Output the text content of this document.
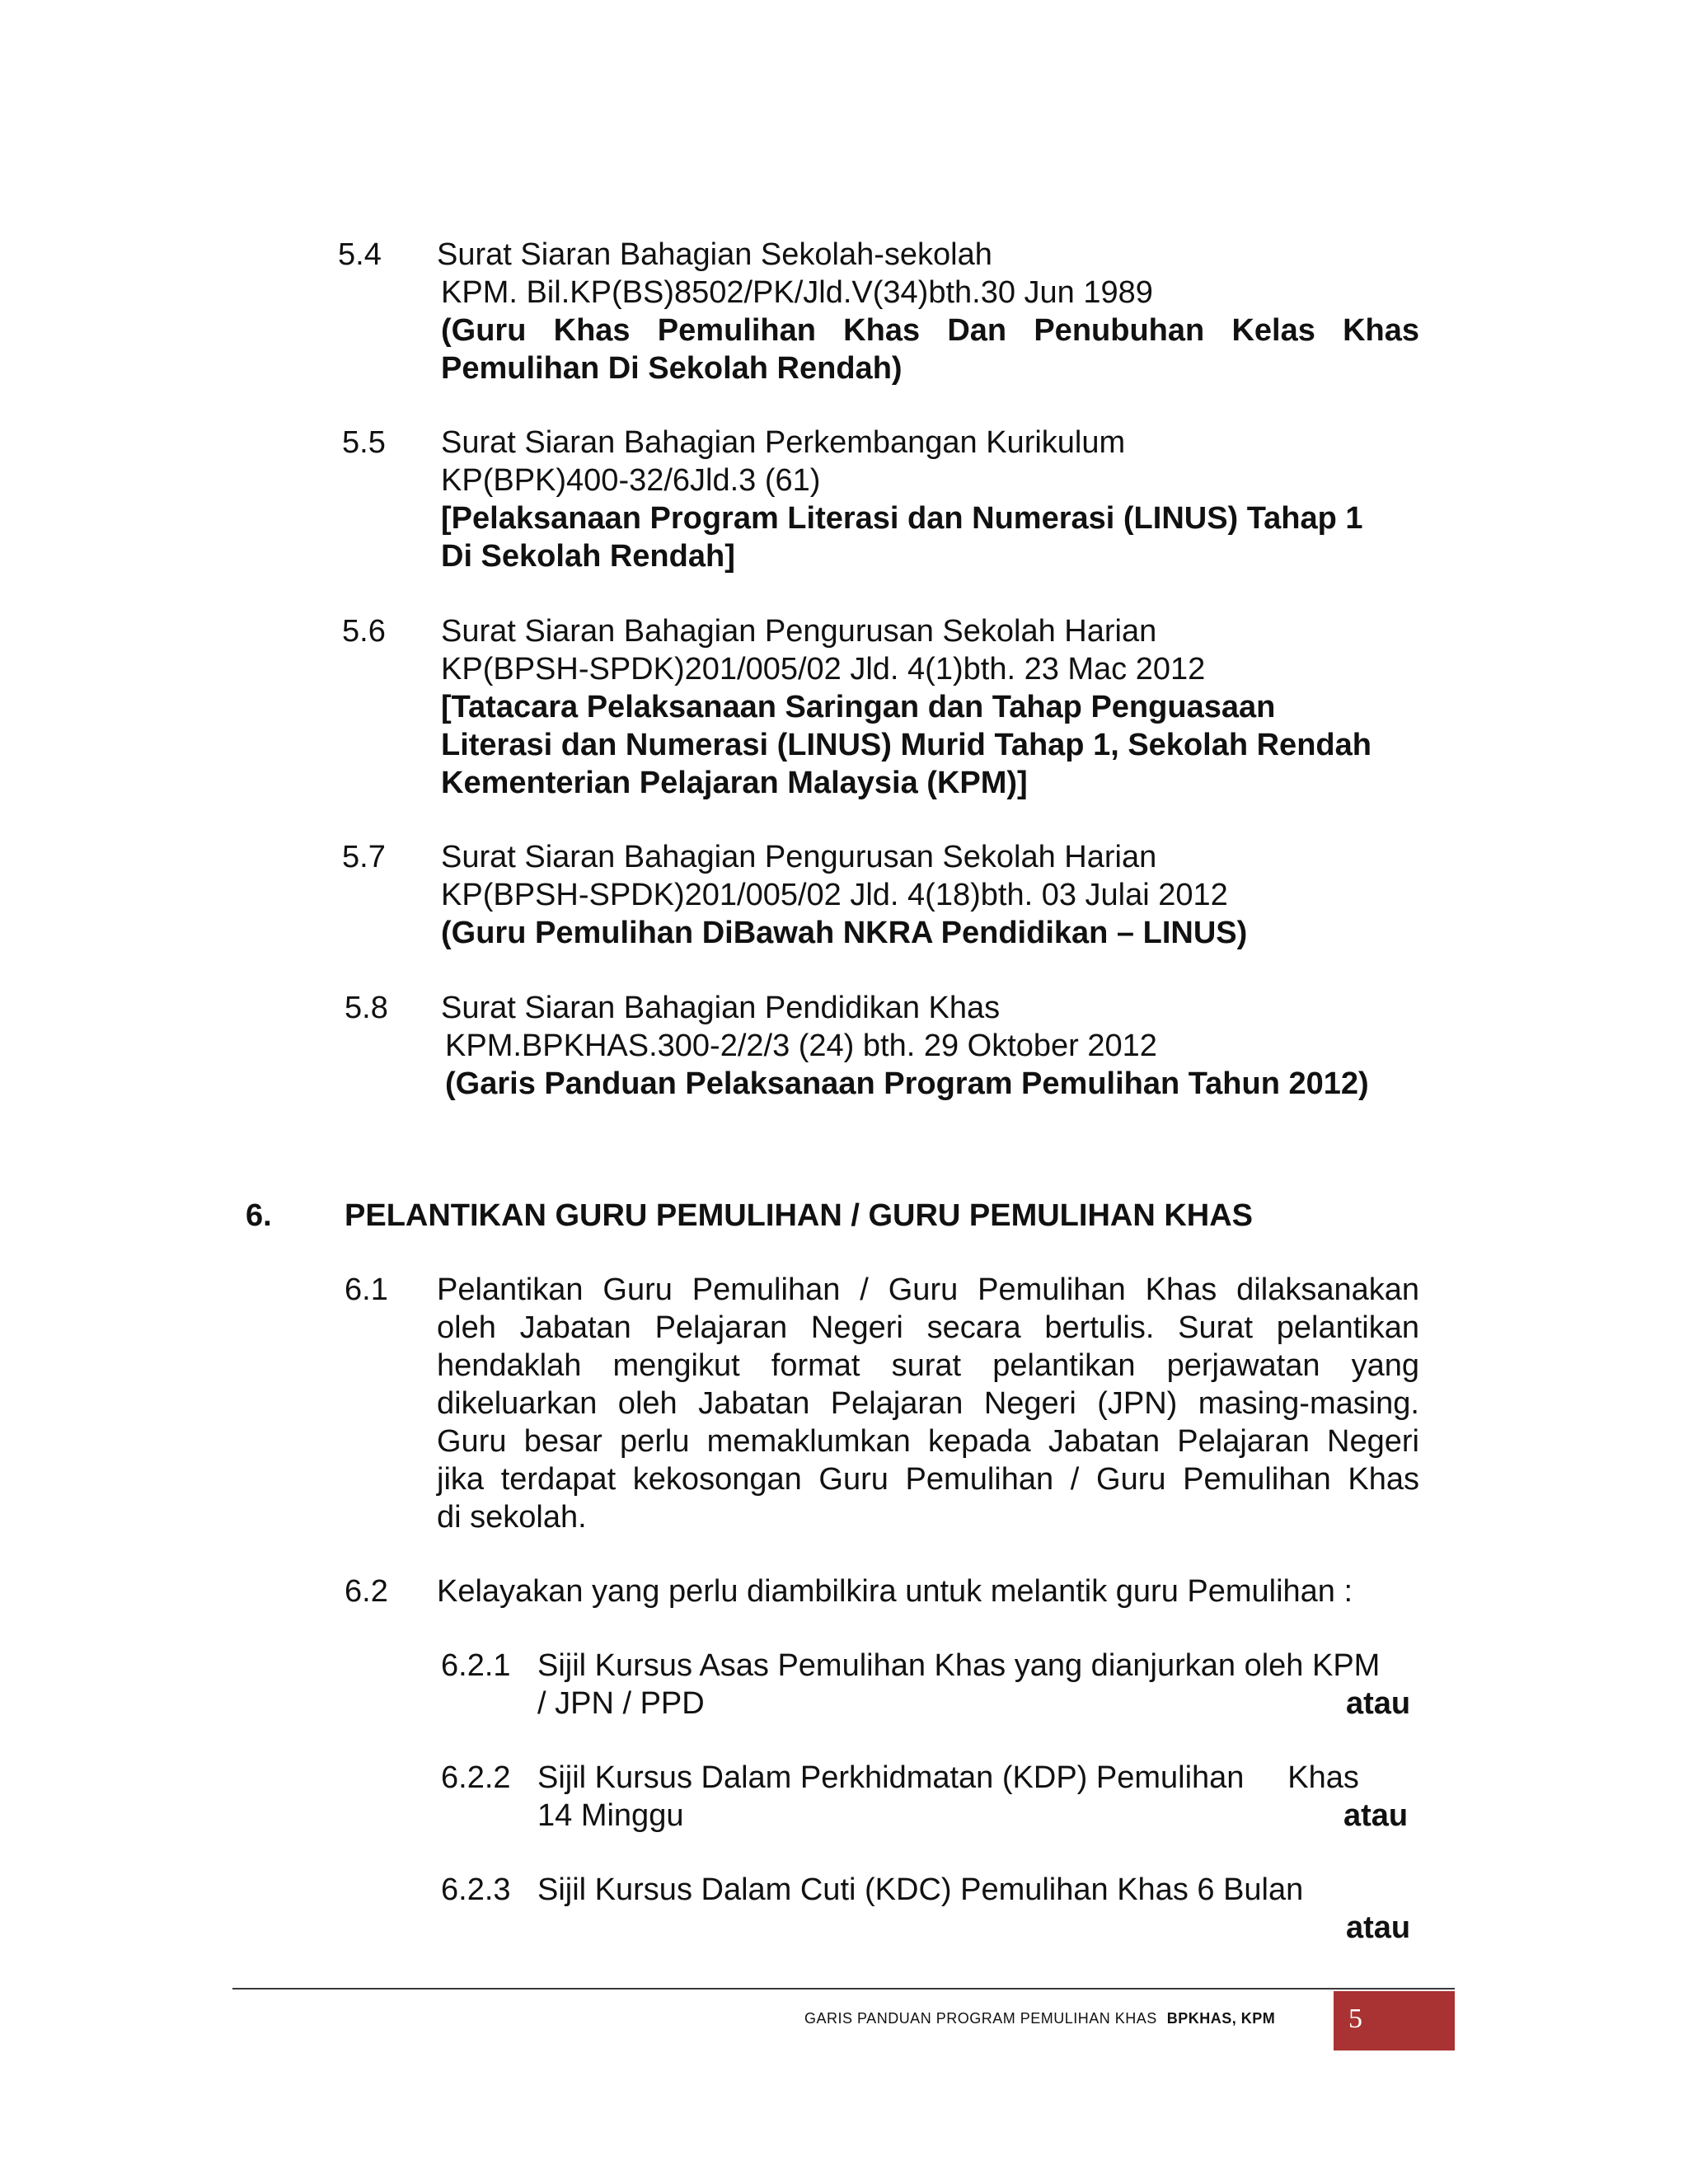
5.4 Surat Siaran Bahagian Sekolah-sekolah
KPM. Bil.KP(BS)8502/PK/Jld.V(34)bth.30 Jun 1989
(Guru Khas Pemulihan Khas Dan Penubuhan Kelas Khas
Pemulihan Di Sekolah Rendah)
5.5 Surat Siaran Bahagian Perkembangan Kurikulum
KP(BPK)400-32/6Jld.3 (61)
[Pelaksanaan Program Literasi dan Numerasi (LINUS) Tahap 1
Di Sekolah Rendah]
5.6 Surat Siaran Bahagian Pengurusan Sekolah Harian
KP(BPSH-SPDK)201/005/02 Jld. 4(1)bth. 23 Mac 2012
[Tatacara Pelaksanaan Saringan dan Tahap Penguasaan
Literasi dan Numerasi (LINUS) Murid Tahap 1, Sekolah Rendah
Kementerian Pelajaran Malaysia (KPM)]
5.7 Surat Siaran Bahagian Pengurusan Sekolah Harian
KP(BPSH-SPDK)201/005/02 Jld. 4(18)bth. 03 Julai 2012
(Guru Pemulihan DiBawah NKRA Pendidikan – LINUS)
5.8 Surat Siaran Bahagian Pendidikan Khas
KPM.BPKHAS.300-2/2/3 (24) bth. 29 Oktober 2012
(Garis Panduan Pelaksanaan Program Pemulihan Tahun 2012)
6. PELANTIKAN GURU PEMULIHAN / GURU PEMULIHAN KHAS
6.1 Pelantikan Guru Pemulihan / Guru Pemulihan Khas dilaksanakan
oleh Jabatan Pelajaran Negeri secara bertulis. Surat pelantikan
hendaklah mengikut format surat pelantikan perjawatan yang
dikeluarkan oleh Jabatan Pelajaran Negeri (JPN) masing-masing.
Guru besar perlu memaklumkan kepada Jabatan Pelajaran Negeri
jika terdapat kekosongan Guru Pemulihan / Guru Pemulihan Khas
di sekolah.
6.2 Kelayakan yang perlu diambilkira untuk melantik guru Pemulihan :
6.2.1 Sijil Kursus Asas Pemulihan Khas yang dianjurkan oleh KPM
/ JPN / PPD	atau
6.2.2 Sijil Kursus Dalam Perkhidmatan (KDP) Pemulihan     Khas
14 Minggu	atau
6.2.3 Sijil Kursus Dalam Cuti (KDC) Pemulihan Khas 6 Bulan
atau
GARIS PANDUAN PROGRAM PEMULIHAN KHAS BPKHAS, KPM	5
